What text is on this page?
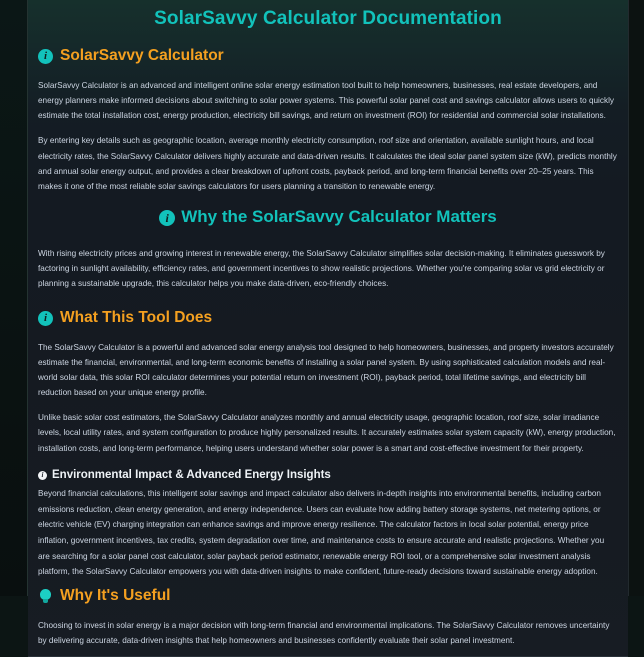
SolarSavvy Calculator Documentation
i SolarSavvy Calculator

SolarSavvy Calculator is an advanced and intelligent online solar energy estimation tool built to help homeowners, businesses, real estate developers, and energy planners make informed decisions about switching to solar power systems. This powerful solar panel cost and savings calculator allows users to quickly estimate the total installation cost, energy production, electricity bill savings, and return on investment (ROI) for residential and commercial solar installations.

By entering key details such as geographic location, average monthly electricity consumption, roof size and orientation, available sunlight hours, and local electricity rates, the SolarSavvy Calculator delivers highly accurate and data-driven results. It calculates the ideal solar panel system size (kW), predicts monthly and annual solar energy output, and provides a clear breakdown of upfront costs, payback period, and long-term financial benefits over 20–25 years. This makes it one of the most reliable solar savings calculators for users planning a transition to renewable energy.

i Why the SolarSavvy Calculator Matters

With rising electricity prices and growing interest in renewable energy, the SolarSavvy Calculator simplifies solar decision-making. It eliminates guesswork by factoring in sunlight availability, efficiency rates, and government incentives to show realistic projections. Whether you're comparing solar vs grid electricity or planning a sustainable upgrade, this calculator helps you make data-driven, eco-friendly choices.

i What This Tool Does

The SolarSavvy Calculator is a powerful and advanced solar energy analysis tool designed to help homeowners, businesses, and property investors accurately estimate the financial, environmental, and long-term economic benefits of installing a solar panel system. By using sophisticated calculation models and real-world solar data, this solar ROI calculator determines your potential return on investment (ROI), payback period, total lifetime savings, and electricity bill reduction based on your unique energy profile.

Unlike basic solar cost estimators, the SolarSavvy Calculator analyzes monthly and annual electricity usage, geographic location, roof size, solar irradiance levels, local utility rates, and system configuration to produce highly personalized results. It accurately estimates solar system capacity (kW), energy production, installation costs, and long-term performance, helping users understand whether solar power is a smart and cost-effective investment for their property.

i Environmental Impact & Advanced Energy Insights

Beyond financial calculations, this intelligent solar savings and impact calculator also delivers in-depth insights into environmental benefits, including carbon emissions reduction, clean energy generation, and energy independence. Users can evaluate how adding battery storage systems, net metering options, or electric vehicle (EV) charging integration can enhance savings and improve energy resilience. The calculator factors in local solar potential, energy price inflation, government incentives, tax credits, system degradation over time, and maintenance costs to ensure accurate and realistic projections. Whether you are searching for a solar panel cost calculator, solar payback period estimator, renewable energy ROI tool, or a comprehensive solar investment analysis platform, the SolarSavvy Calculator empowers you with data-driven insights to make confident, future-ready decisions toward sustainable energy adoption.

Why It's Useful

Choosing to invest in solar energy is a major decision with long-term financial and environmental implications. The SolarSavvy Calculator removes uncertainty by delivering accurate, data-driven insights that help homeowners and businesses confidently evaluate their solar panel investment.
